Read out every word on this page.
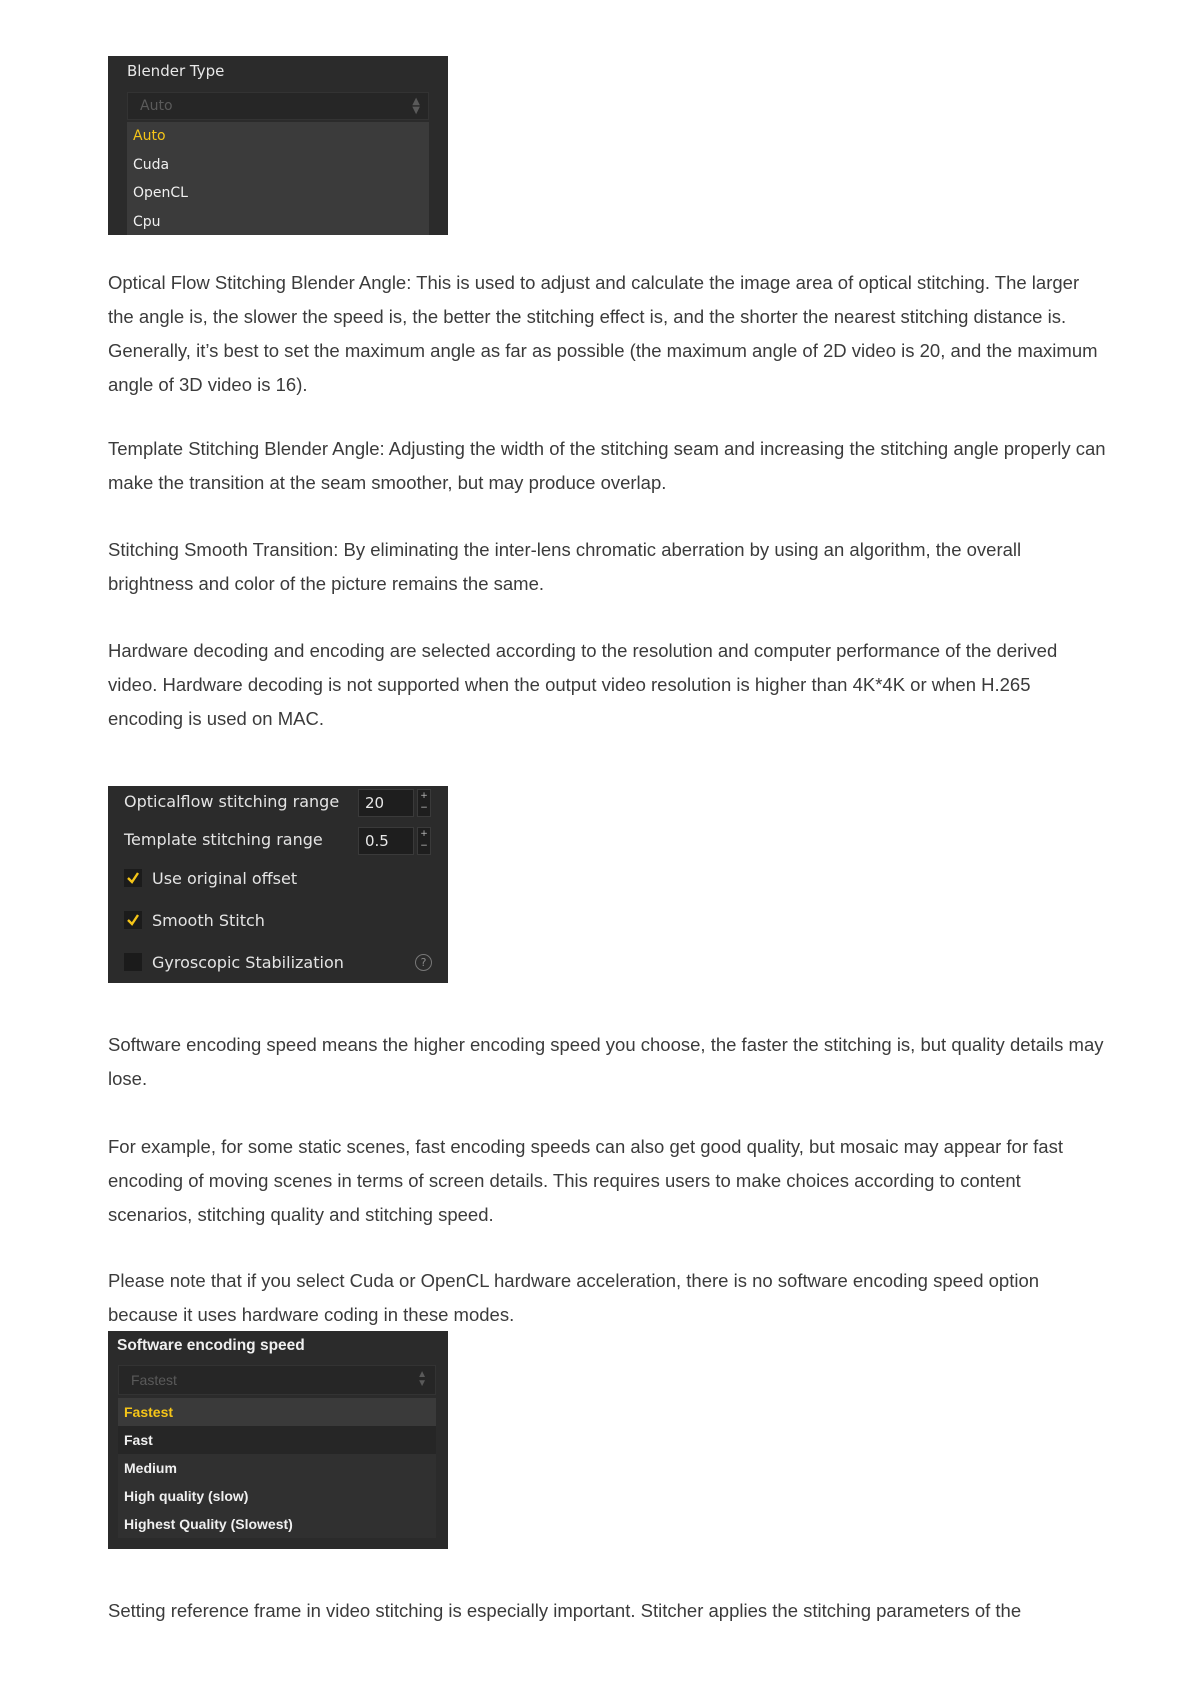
Blender Type
Auto	▲
▼
Auto
Cuda
OpenCL
Cpu

Optical Flow Stitching Blender Angle: This is used to adjust and calculate the image area of optical stitching. The larger the angle is, the slower the speed is, the better the stitching effect is, and the shorter the nearest stitching distance is. Generally, it’s best to set the maximum angle as far as possible (the maximum angle of 2D video is 20, and the maximum angle of 3D video is 16).

Template Stitching Blender Angle: Adjusting the width of the stitching seam and increasing the stitching angle properly can make the transition at the seam smoother, but may produce overlap.

Stitching Smooth Transition: By eliminating the inter-lens chromatic aberration by using an algorithm, the overall brightness and color of the picture remains the same.

Hardware decoding and encoding are selected according to the resolution and computer performance of the derived video. Hardware decoding is not supported when the output video resolution is higher than 4K*4K or when H.265 encoding is used on MAC.

Opticalflow stitching range	20	+
−
Template stitching range	0.5	+
−
Use original offset
Smooth Stitch
Gyroscopic Stabilization	?

Software encoding speed means the higher encoding speed you choose, the faster the stitching is, but quality details may lose.

For example, for some static scenes, fast encoding speeds can also get good quality, but mosaic may appear for fast encoding of moving scenes in terms of screen details. This requires users to make choices according to content scenarios, stitching quality and stitching speed.

Please note that if you select Cuda or OpenCL hardware acceleration, there is no software encoding speed option because it uses hardware coding in these modes.

Software encoding speed
Fastest	▲
▼
Fastest
Fast
Medium
High quality (slow)
Highest Quality (Slowest)

Setting reference frame in video stitching is especially important. Stitcher applies the stitching parameters of the
